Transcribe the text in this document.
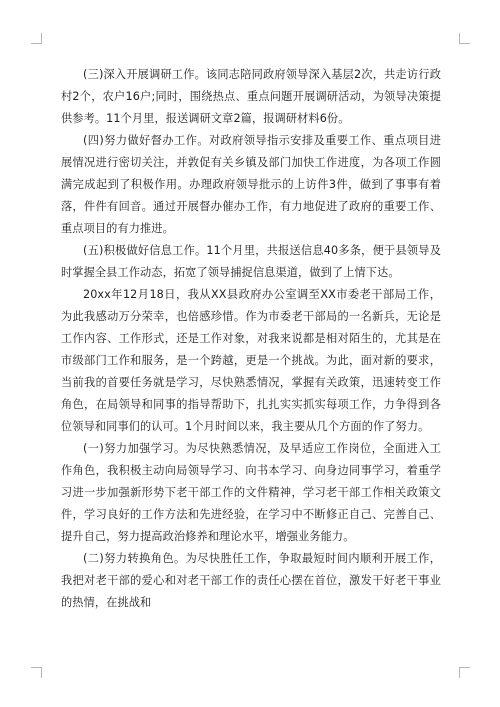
(三)深入开展调研工作。该同志陪同政府领导深入基层2次，共走访行政村2个，农户16户;同时，围绕热点、重点问题开展调研活动，为领导决策提供参考。11个月里，报送调研文章2篇，报调研材料6份。

(四)努力做好督办工作。对政府领导指示安排及重要工作、重点项目进展情况进行密切关注，并敦促有关乡镇及部门加快工作进度，为各项工作圆满完成起到了积极作用。办理政府领导批示的上访件3件，做到了事事有着落，件件有回音。通过开展督办催办工作，有力地促进了政府的重要工作、重点项目的有力推进。

(五)积极做好信息工作。11个月里，共报送信息40多条，便于县领导及时掌握全县工作动态，拓宽了领导捕捉信息渠道，做到了上情下达。

20xx年12月18日，我从XX县政府办公室调至XX市委老干部局工作，为此我感动万分荣幸，也倍感珍惜。作为市委老干部局的一名新兵，无论是工作内容、工作形式，还是工作对象，对我来说都是相对陌生的，尤其是在市级部门工作和服务，是一个跨越，更是一个挑战。为此，面对新的要求，当前我的首要任务就是学习，尽快熟悉情况，掌握有关政策，迅速转变工作角色，在局领导和同事的指导帮助下，扎扎实实抓实每项工作，力争得到各位领导和同事们的认可。1个月时间以来，我主要从几个方面的作了努力。

(一)努力加强学习。为尽快熟悉情况，及早适应工作岗位，全面进入工作角色，我积极主动向局领导学习、向书本学习、向身边同事学习，着重学习进一步加强新形势下老干部工作的文件精神，学习老干部工作相关政策文件，学习良好的工作方法和先进经验，在学习中不断修正自己、完善自己、提升自己，努力提高政治修养和理论水平，增强业务能力。

(二)努力转换角色。为尽快胜任工作，争取最短时间内顺利开展工作，我把对老干部的爱心和对老干部工作的责任心摆在首位，激发干好老干事业的热情，在挑战和
